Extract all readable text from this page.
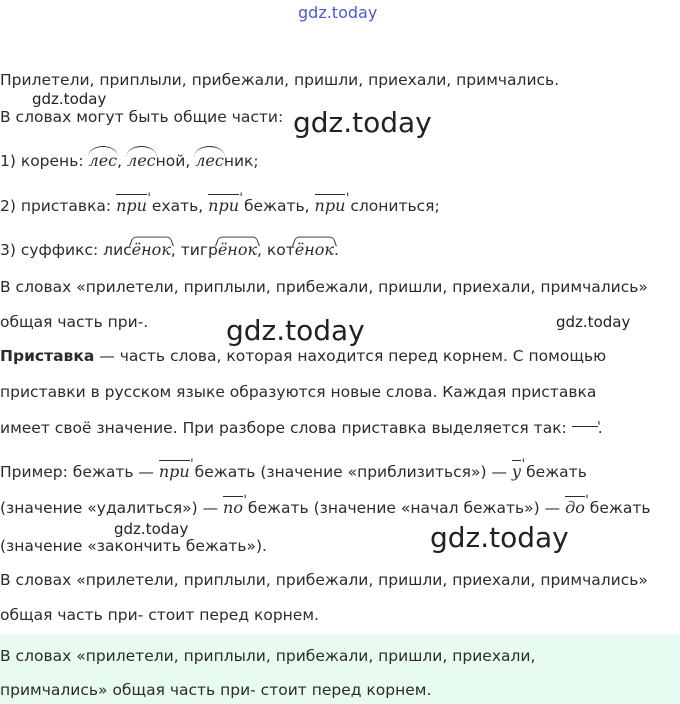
gdz.today
gdz.today
gdz.today
gdz.today	gdz.today
gdz.today	gdz.today
Прилетели, приплыли, прибежали, пришли, приехали, примчались.
В словах могут быть общие части:
1) корень: лес, лесной, лесник;
2) приставка: при ' ехать, при ' бежать, при ' слониться;
3) суффикс: лисёнок, тигрёнок, котёнок.
В словах «прилетели, приплыли, прибежали, пришли, приехали, примчались»
общая часть при-.
Приставка — часть слова, которая находится перед корнем. С помощью
приставки в русском языке образуются новые слова. Каждая приставка
имеет своё значение. При разборе слова приставка выделяется так: ' .
Пример: бежать — при ' бежать (значение «приблизиться») — у ' бежать
(значение «удалиться») — по ' бежать (значение «начал бежать») — до ' бежать
(значение «закончить бежать»).
В словах «прилетели, приплыли, прибежали, пришли, приехали, примчались»
общая часть при- стоит перед корнем.
В словах «прилетели, приплыли, прибежали, пришли, приехали,
примчались» общая часть при- стоит перед корнем.
